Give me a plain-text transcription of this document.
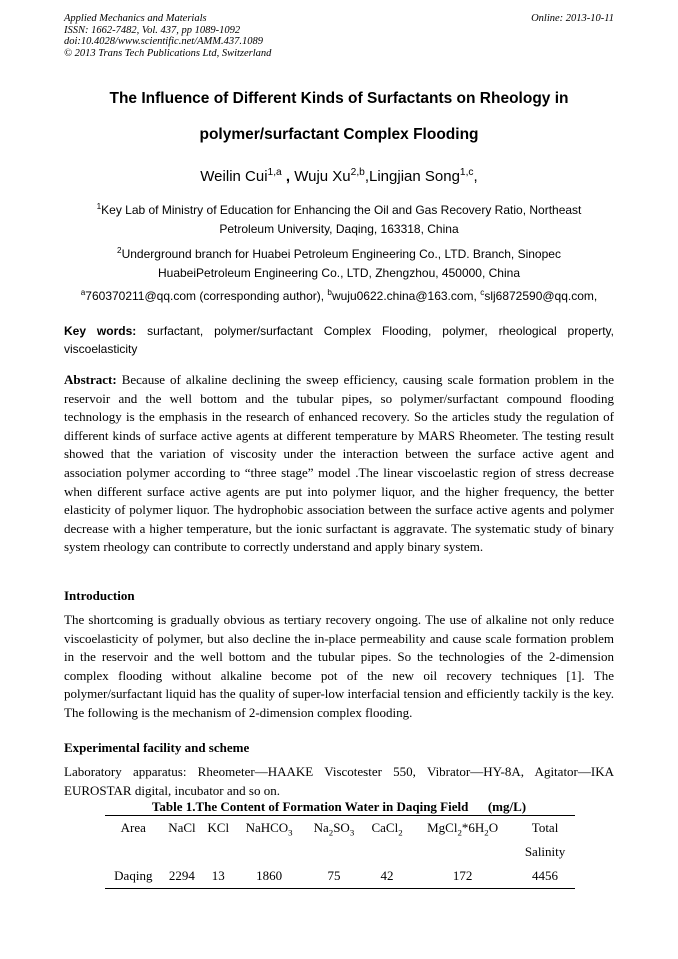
Applied Mechanics and Materials
ISSN: 1662-7482, Vol. 437, pp 1089-1092
doi:10.4028/www.scientific.net/AMM.437.1089
© 2013 Trans Tech Publications Ltd, Switzerland
Online: 2013-10-11
The Influence of Different Kinds of Surfactants on Rheology in
polymer/surfactant Complex Flooding
Weilin Cui$^{1,a}$ , Wuju Xu$^{2,b}$,Lingjian Song$^{1,c}$,
$^1$Key Lab of Ministry of Education for Enhancing the Oil and Gas Recovery Ratio, Northeast
Petroleum University, Daqing, 163318, China
$^2$Underground branch for Huabei Petroleum Engineering Co., LTD. Branch, Sinopec
HuabeiPetroleum Engineering Co., LTD, Zhengzhou, 450000, China
$^a$760370211@qq.com (corresponding author), $^b$wuju0622.china@163.com, $^c$slj6872590@qq.com,
Key words: surfactant, polymer/surfactant Complex Flooding, polymer, rheological property, viscoelasticity
Abstract: Because of alkaline declining the sweep efficiency, causing scale formation problem in the reservoir and the well bottom and the tubular pipes, so polymer/surfactant compound flooding technology is the emphasis in the research of enhanced recovery. So the articles study the regulation of different kinds of surface active agents at different temperature by MARS Rheometer. The testing result showed that the variation of viscosity under the interaction between the surface active agent and association polymer according to “three stage” model .The linear viscoelastic region of stress decrease when different surface active agents are put into polymer liquor, and the higher frequency, the better elasticity of polymer liquor. The hydrophobic association between the surface active agents and polymer decrease with a higher temperature, but the ionic surfactant is aggravate. The systematic study of binary system rheology can contribute to correctly understand and apply binary system.
Introduction
The shortcoming is gradually obvious as tertiary recovery ongoing. The use of alkaline not only reduce viscoelasticity of polymer, but also decline the in-place permeability and cause scale formation problem in the reservoir and the well bottom and the tubular pipes. So the technologies of the 2-dimension complex flooding without alkaline become pot of the new oil recovery techniques [1]. The polymer/surfactant liquid has the quality of super-low interfacial tension and efficiently tackily is the key. The following is the mechanism of 2-dimension complex flooding.
Experimental facility and scheme
Laboratory apparatus: Rheometer—HAAKE Viscotester 550, Vibrator—HY-8A, Agitator—IKA EUROSTAR digital, incubator and so on.
Table 1.The Content of Formation Water in Daqing Field      (mg/L)
Area	NaCl	KCl	NaHCO$_3$	$Na_2SO_3$	CaCl$_2$	$MgCl_2*6H_2O$	Total
							Salinity
Daqing	2294	13	1860	75	42	172	4456
